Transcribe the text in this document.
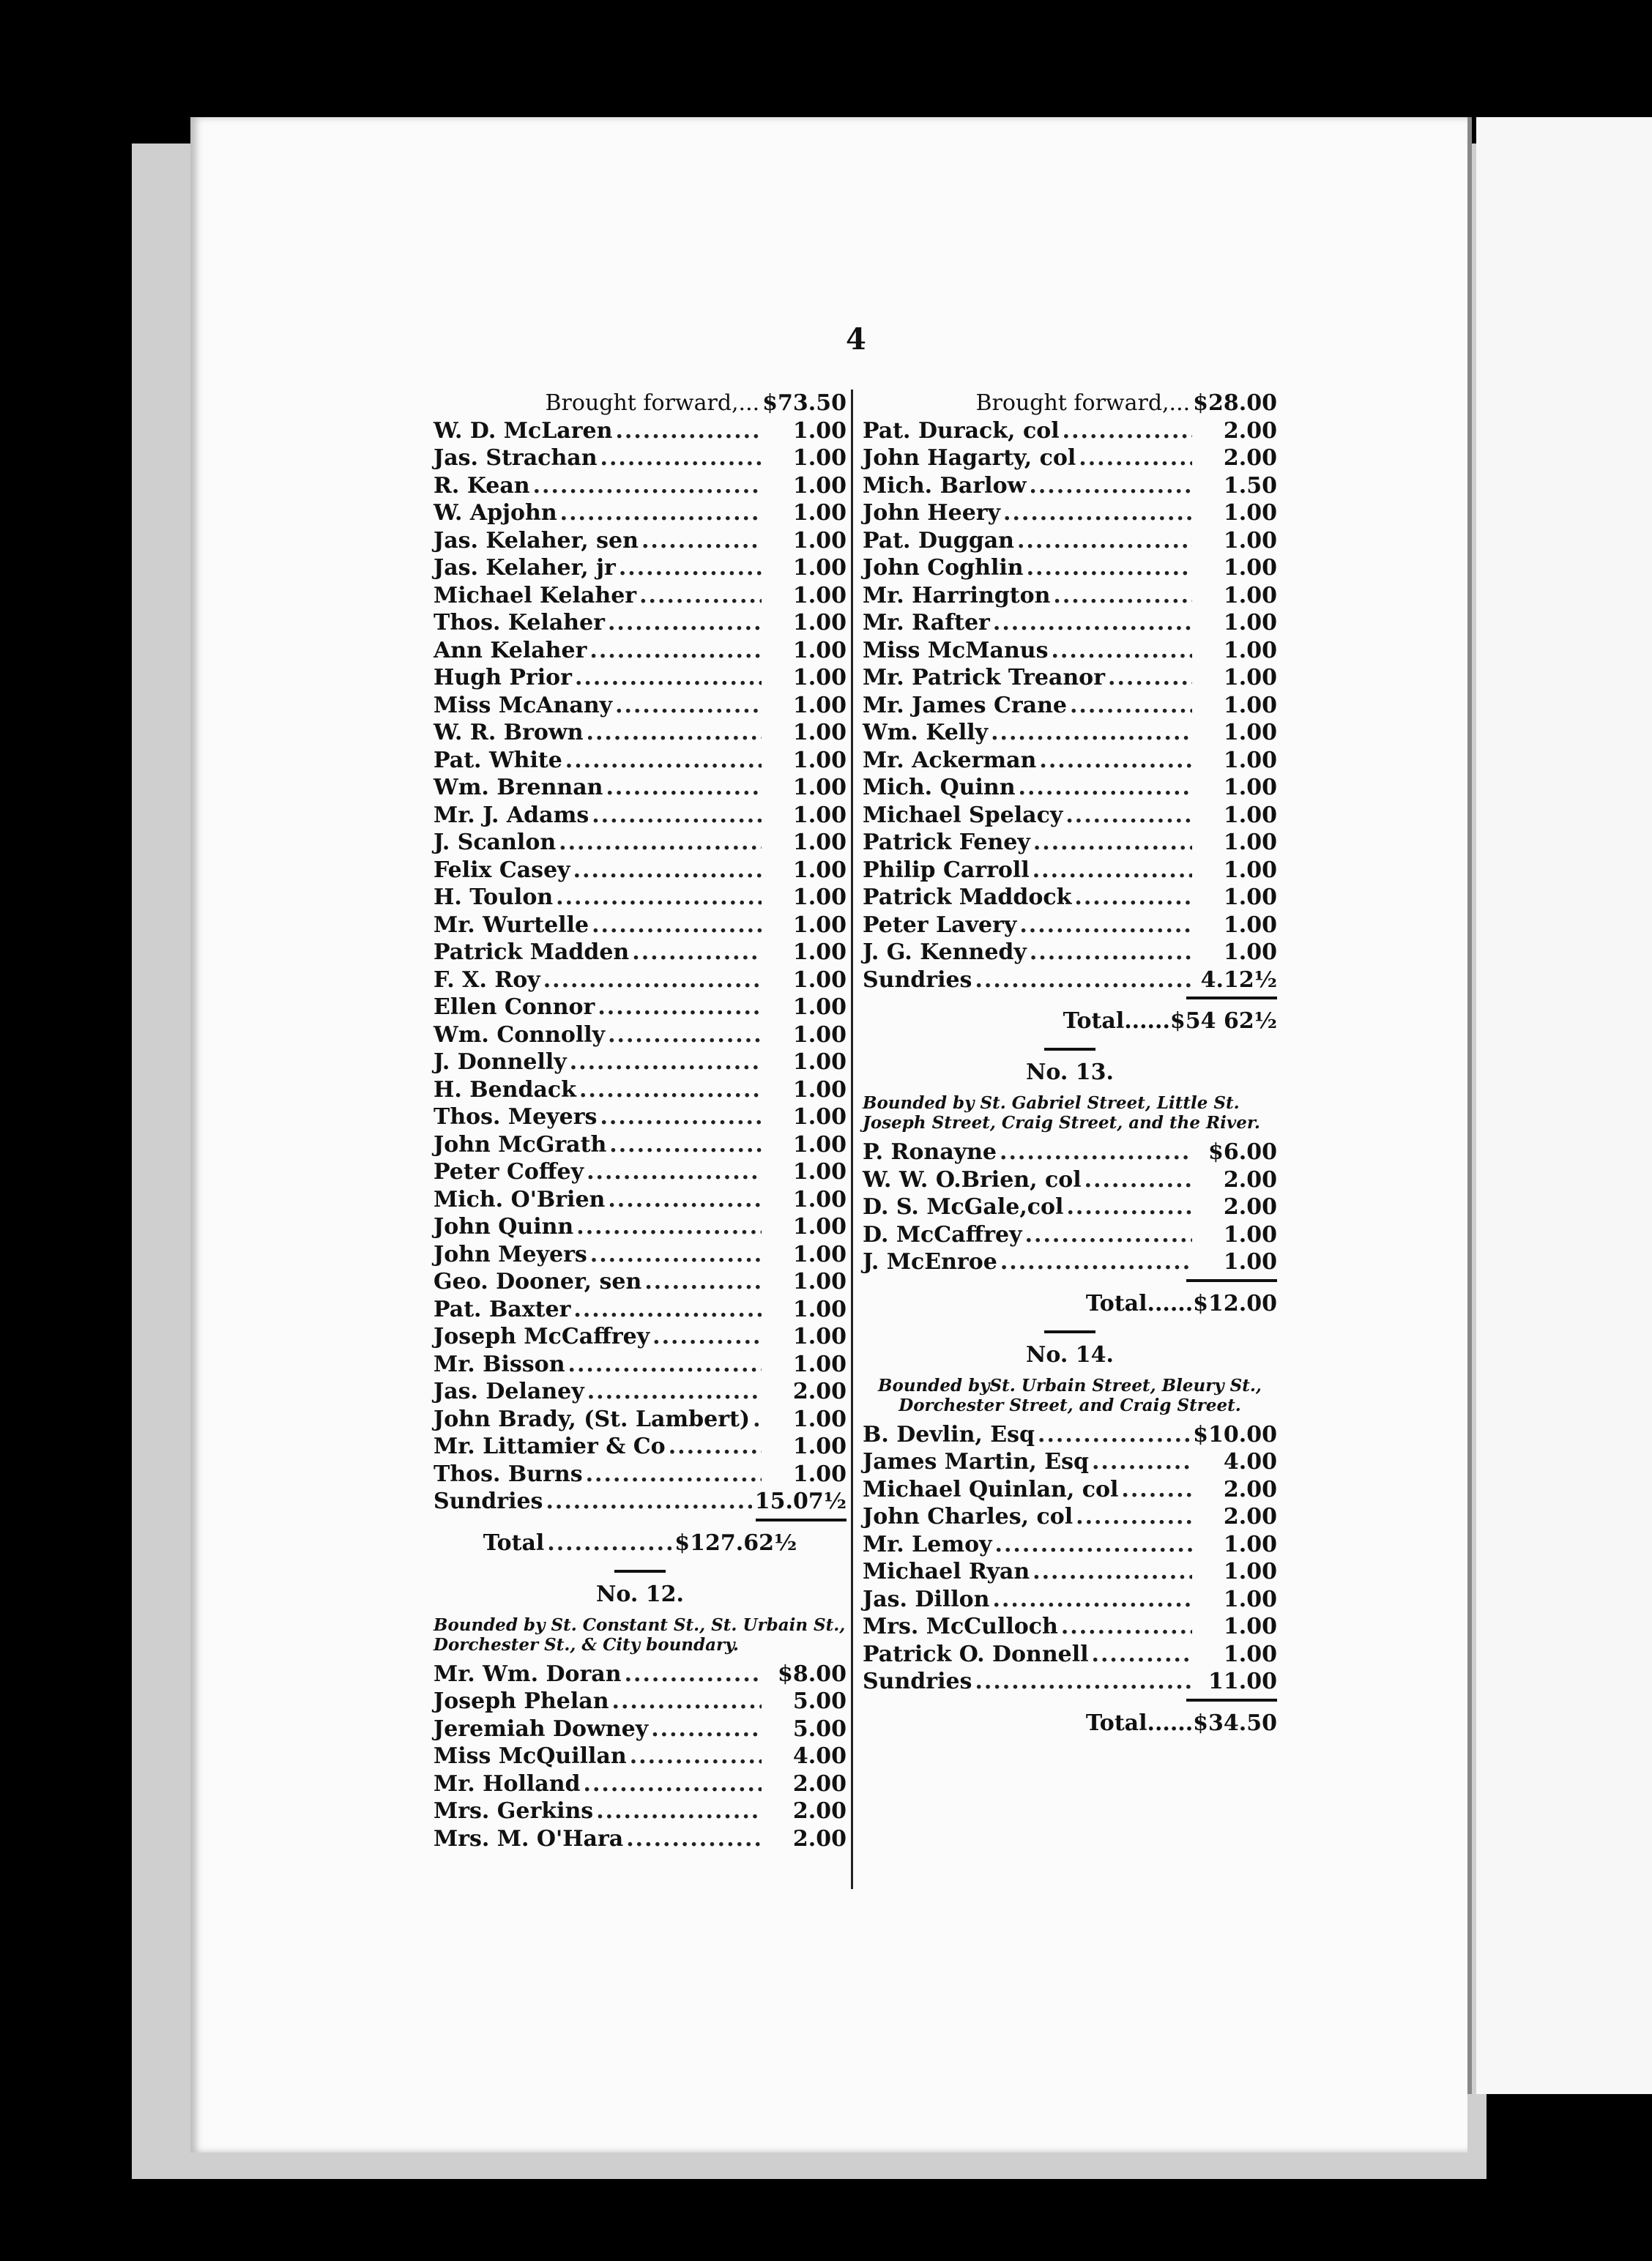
4
Brought forward,... $73.50
W. D. McLaren .....	1.00
Jas. Strachan .....	1.00
R. Kean .....	1.00
W. Apjohn .....	1.00
Jas. Kelaher, sen .....	1.00
Jas. Kelaher, jr .....	1.00
Michael Kelaher .....	1.00
Thos. Kelaher .....	1.00
Ann Kelaher .....	1.00
Hugh Prior .....	1.00
Miss McAnany .....	1.00
W. R. Brown .....	1.00
Pat. White .....	1.00
Wm. Brennan .....	1.00
Mr. J. Adams .....	1.00
J. Scanlon .....	1.00
Felix Casey .....	1.00
H. Toulon .....	1.00
Mr. Wurtelle .....	1.00
Patrick Madden .....	1.00
F. X. Roy .....	1.00
Ellen Connor .....	1.00
Wm. Connolly .....	1.00
J. Donnelly .....	1.00
H. Bendack .....	1.00
Thos. Meyers .....	1.00
John McGrath .....	1.00
Peter Coffey .....	1.00
Mich. O'Brien .....	1.00
John Quinn .....	1.00
John Meyers .....	1.00
Geo. Dooner, sen .....	1.00
Pat. Baxter .....	1.00
Joseph McCaffrey .....	1.00
Mr. Bisson .....	1.00
Jas. Delaney .....	2.00
John Brady, (St. Lambert) .....	1.00
Mr. Littamier & Co .....	1.00
Thos. Burns .....	1.00
Sundries .....	15.07½
Total .....	$127.62½
No. 12.
Bounded by St. Constant St., St. Urbain St., Dorchester St., & City boundary.
Mr. Wm. Doran .....	$8.00
Joseph Phelan .....	5.00
Jeremiah Downey .....	5.00
Miss McQuillan .....	4.00
Mr. Holland .....	2.00
Mrs. Gerkins .....	2.00
Mrs. M. O'Hara .....	2.00
Brought forward,... $28.00
Pat. Durack, col .....	2.00
John Hagarty, col .....	2.00
Mich. Barlow .....	1.50
John Heery .....	1.00
Pat. Duggan .....	1.00
John Coghlin .....	1.00
Mr. Harrington .....	1.00
Mr. Rafter .....	1.00
Miss McManus .....	1.00
Mr. Patrick Treanor .....	1.00
Mr. James Crane .....	1.00
Wm. Kelly .....	1.00
Mr. Ackerman .....	1.00
Mich. Quinn .....	1.00
Michael Spelacy .....	1.00
Patrick Feney .....	1.00
Philip Carroll .....	1.00
Patrick Maddock .....	1.00
Peter Lavery .....	1.00
J. G. Kennedy .....	1.00
Sundries .....	4.12½
Total...... $54 62½
No. 13.
Bounded by St. Gabriel Street, Little St. Joseph Street, Craig Street, and the River.
P. Ronayne .....	$6.00
W. W. O.Brien, col .....	2.00
D. S. McGale,col .....	2.00
D. McCaffrey .....	1.00
J. McEnroe .....	1.00
Total...... $12.00
No. 14.
Bounded bySt. Urbain Street, Bleury St., Dorchester Street, and Craig Street.
B. Devlin, Esq .....	$10.00
James Martin, Esq .....	4.00
Michael Quinlan, col .....	2.00
John Charles, col .....	2.00
Mr. Lemoy .....	1.00
Michael Ryan .....	1.00
Jas. Dillon .....	1.00
Mrs. McCulloch .....	1.00
Patrick O. Donnell .....	1.00
Sundries .....	11.00
Total...... $34.50
